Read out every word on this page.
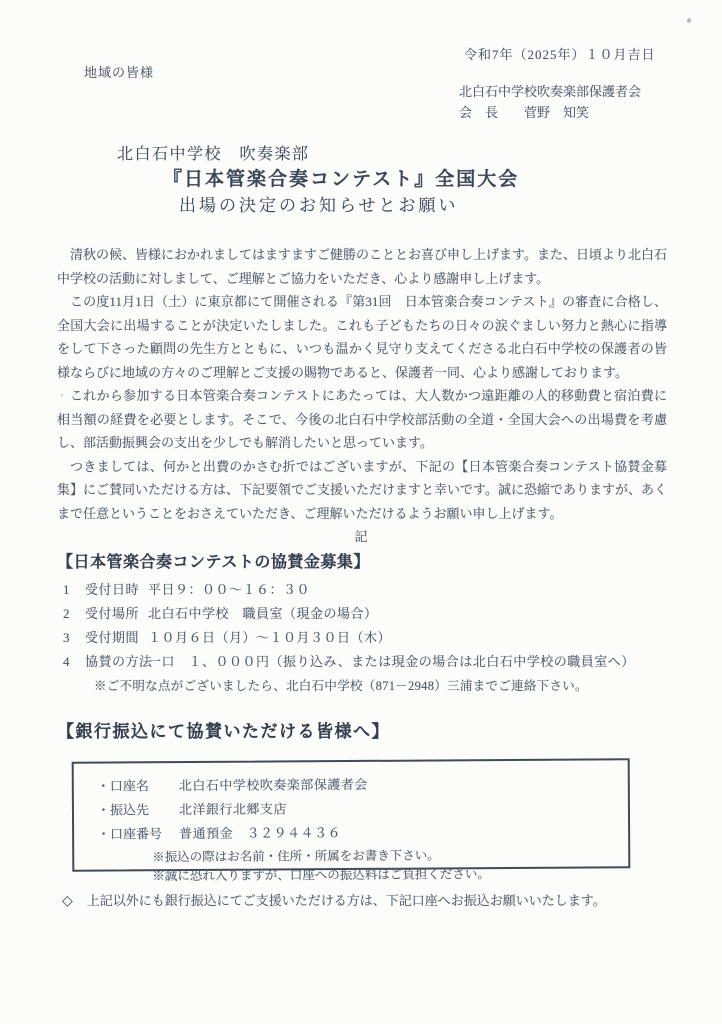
令和7年（2025年）１０月吉日
地域の皆様
北白石中学校吹奏楽部保護者会
会　長　　菅野　知笑
北白石中学校　吹奏楽部
『日本管楽合奏コンテスト』全国大会
出場の決定のお知らせとお願い

清秋の候、皆様におかれましてはますますご健勝のこととお喜び申し上げます。また、日頃より北白石中学校の活動に対しまして、ご理解とご協力をいただき、心より感謝申し上げます。

この度11月1日（土）に東京都にて開催される『第31回　日本管楽合奏コンテスト』の審査に合格し、全国大会に出場することが決定いたしました。これも子どもたちの日々の涙ぐましい努力と熱心に指導をして下さった顧問の先生方とともに、いつも温かく見守り支えてくださる北白石中学校の保護者の皆様ならびに地域の方々のご理解とご支援の賜物であると、保護者一同、心より感謝しております。

これから参加する日本管楽合奏コンテストにあたっては、大人数かつ遠距離の人的移動費と宿泊費に相当額の経費を必要とします。そこで、今後の北白石中学校部活動の全道・全国大会への出場費を考慮し、部活動振興会の支出を少しでも解消したいと思っています。

つきましては、何かと出費のかさむ折ではございますが、下記の【日本管楽合奏コンテスト協賛金募集】にご賛同いただける方は、下記要領でご支援いただけますと幸いです。誠に恐縮でありますが、あくまで任意ということをおさえていただき、ご理解いただけるようお願い申し上げます。

記

【日本管楽合奏コンテストの協賛金募集】
1 受付日時 平日９：００～１６：３０
2 受付場所 北白石中学校　職員室（現金の場合）
3 受付期間 １０月６日（月）～１０月３０日（木）
4 協賛の方法
一口　１、０００円（振り込み、または現金の場合は北白石中学校の職員室へ）
※ご不明な点がございましたら、北白石中学校（871－2948）三浦までご連絡下さい。
【銀行振込にて協賛いただける皆様へ】
・口座名	北白石中学校吹奏楽部保護者会
・振込先	北洋銀行北郷支店
・口座番号	普通預金　３２９４４３６
※振込の際はお名前・住所・所属をお書き下さい。
※誠に恐れ入りますが、口座への振込料はご負担ください。
◇ 上記以外にも銀行振込にてご支援いただける方は、下記口座へお振込お願いいたします。
